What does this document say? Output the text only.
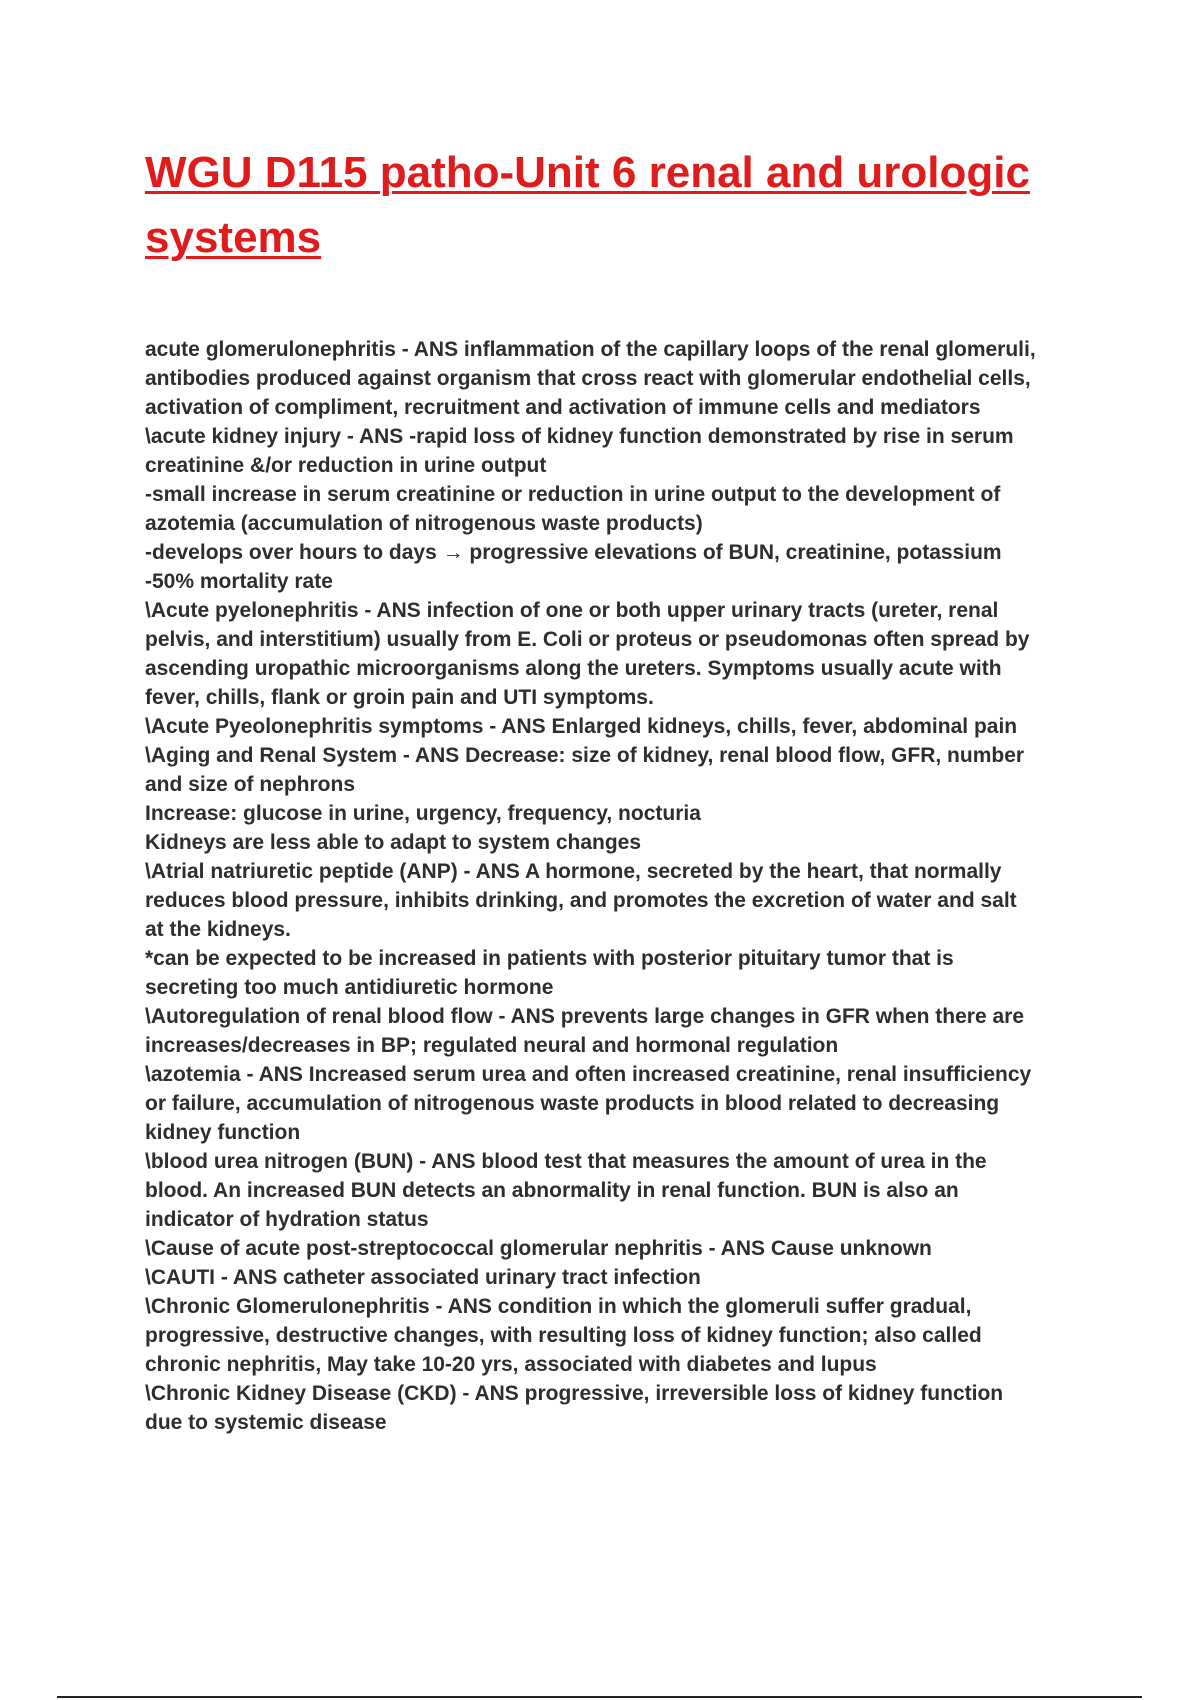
WGU D115 patho-Unit 6 renal and urologic
systems
acute glomerulonephritis - ANS inflammation of the capillary loops of the renal glomeruli,
antibodies produced against organism that cross react with glomerular endothelial cells,
activation of compliment, recruitment and activation of immune cells and mediators
\acute kidney injury - ANS -rapid loss of kidney function demonstrated by rise in serum
creatinine &/or reduction in urine output
-small increase in serum creatinine or reduction in urine output to the development of
azotemia (accumulation of nitrogenous waste products)
-develops over hours to days → progressive elevations of BUN, creatinine, potassium
-50% mortality rate
\Acute pyelonephritis - ANS infection of one or both upper urinary tracts (ureter, renal
pelvis, and interstitium) usually from E. Coli or proteus or pseudomonas often spread by
ascending uropathic microorganisms along the ureters. Symptoms usually acute with
fever, chills, flank or groin pain and UTI symptoms.
\Acute Pyeolonephritis symptoms - ANS Enlarged kidneys, chills, fever, abdominal pain
\Aging and Renal System - ANS Decrease: size of kidney, renal blood flow, GFR, number
and size of nephrons
Increase: glucose in urine, urgency, frequency, nocturia
Kidneys are less able to adapt to system changes
\Atrial natriuretic peptide (ANP) - ANS A hormone, secreted by the heart, that normally
reduces blood pressure, inhibits drinking, and promotes the excretion of water and salt
at the kidneys.
*can be expected to be increased in patients with posterior pituitary tumor that is
secreting too much antidiuretic hormone
\Autoregulation of renal blood flow - ANS prevents large changes in GFR when there are
increases/decreases in BP; regulated neural and hormonal regulation
\azotemia - ANS Increased serum urea and often increased creatinine, renal insufficiency
or failure, accumulation of nitrogenous waste products in blood related to decreasing
kidney function
\blood urea nitrogen (BUN) - ANS blood test that measures the amount of urea in the
blood. An increased BUN detects an abnormality in renal function. BUN is also an
indicator of hydration status
\Cause of acute post-streptococcal glomerular nephritis - ANS Cause unknown
\CAUTI - ANS catheter associated urinary tract infection
\Chronic Glomerulonephritis - ANS condition in which the glomeruli suffer gradual,
progressive, destructive changes, with resulting loss of kidney function; also called
chronic nephritis, May take 10-20 yrs, associated with diabetes and lupus
\Chronic Kidney Disease (CKD) - ANS progressive, irreversible loss of kidney function
due to systemic disease
